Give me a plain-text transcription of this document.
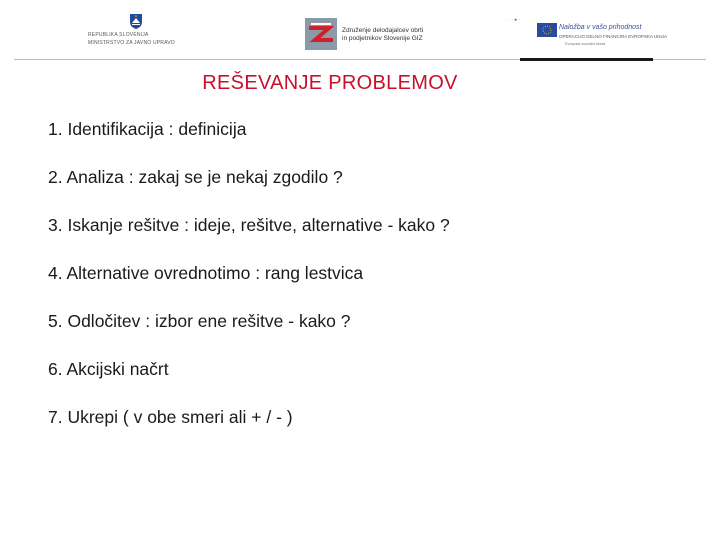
REPUBLIKA SLOVENIJA
MINISTRSTVO ZA JAVNO UPRAVO
Združenje delodajalcev obrti
in podjetnikov Slovenije GIZ
· · ★ ·
Naložba v vašo prihodnost
OPERACIJO DELNO FINANCIRA EVROPSKA UNIJA
Evropski socialni sklad
REŠEVANJE PROBLEMOV
1. Identifikacija : definicija
2. Analiza : zakaj se je nekaj zgodilo ?
3. Iskanje rešitve : ideje, rešitve, alternative - kako ?
4. Alternative ovrednotimo : rang lestvica
5. Odločitev : izbor ene rešitve - kako ?
6. Akcijski načrt
7. Ukrepi ( v obe smeri ali + / - )
